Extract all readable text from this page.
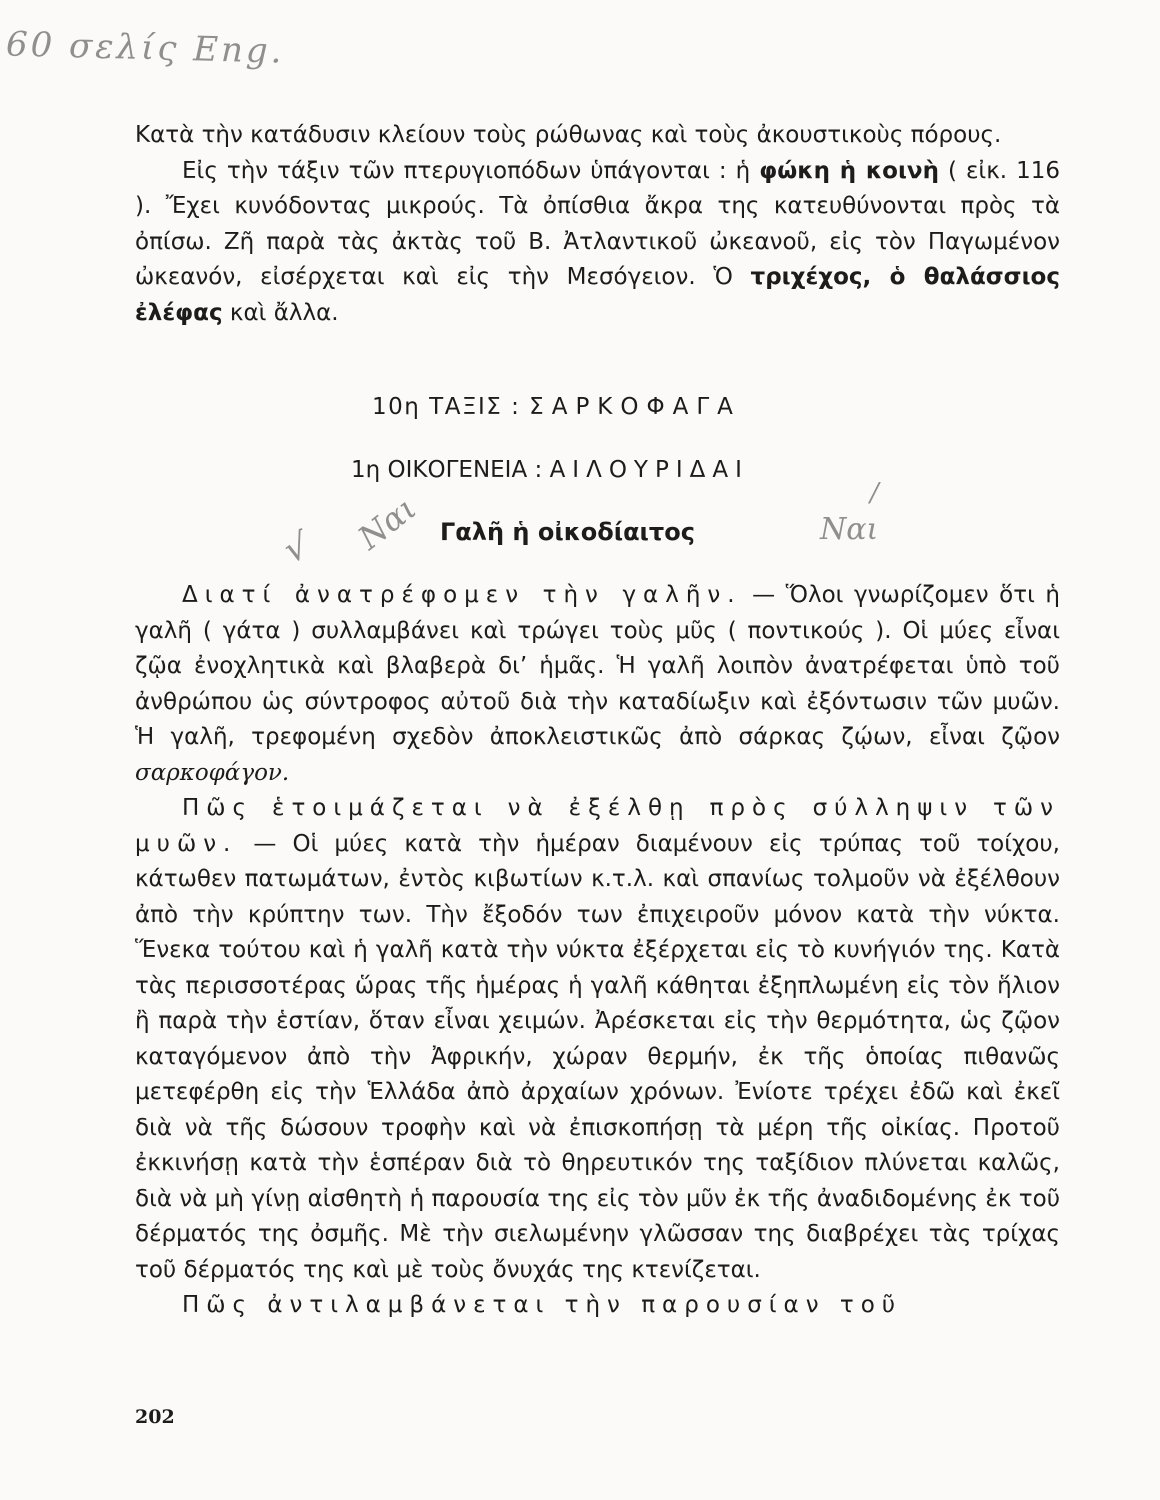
60 σελίς Eng.
√ Ναι	Ναι
/

Κατὰ τὴν κατάδυσιν κλείουν τοὺς ρώθωνας καὶ τοὺς ἀκουστικοὺς πόρους.

Εἰς τὴν τάξιν τῶν πτερυγιοπόδων ὑπάγονται : ἡ φώκη ἡ κοινὴ ( εἰκ. 116 ). Ἔχει κυνόδοντας μικρούς. Τὰ ὀπίσθια ἄκρα της κατευθύνονται πρὸς τὰ ὀπίσω. Ζῆ παρὰ τὰς ἀκτὰς τοῦ Β. Ἀτλαντικοῦ ὠκεανοῦ, εἰς τὸν Παγωμένον ὠκεανόν, εἰσέρχεται καὶ εἰς τὴν Μεσόγειον. Ὁ τριχέχος, ὁ θαλάσσιος ἐλέφας καὶ ἄλλα.

10η ΤΑΞΙΣ : ΣΑΡΚΟΦΑΓΑ
1η ΟΙΚΟΓΕΝΕΙΑ : ΑΙΛΟΥΡΙΔΑΙ
Γαλῆ ἡ οἰκοδίαιτος

Διατί ἀνατρέφομεν τὴν γαλῆν. — Ὅλοι γνωρίζομεν ὅτι ἡ γαλῆ ( γάτα ) συλλαμβάνει καὶ τρώγει τοὺς μῦς ( ποντικούς ). Οἱ μύες εἶναι ζῷα ἐνοχλητικὰ καὶ βλαβερὰ δι’ ἡμᾶς. Ἡ γαλῆ λοιπὸν ἀνατρέφεται ὑπὸ τοῦ ἀνθρώπου ὡς σύντροφος αὐτοῦ διὰ τὴν καταδίωξιν καὶ ἐξόντωσιν τῶν μυῶν. Ἡ γαλῆ, τρεφομένη σχεδὸν ἀποκλειστικῶς ἀπὸ σάρκας ζῴων, εἶναι ζῷον σαρκοφάγον.

Πῶς ἑτοιμάζεται νὰ ἐξέλθῃ πρὸς σύλληψιν τῶν μυῶν. — Οἱ μύες κατὰ τὴν ἡμέραν διαμένουν εἰς τρύπας τοῦ τοίχου, κάτωθεν πατωμάτων, ἐντὸς κιβωτίων κ.τ.λ. καὶ σπανίως τολμοῦν νὰ ἐξέλθουν ἀπὸ τὴν κρύπτην των. Τὴν ἔξοδόν των ἐπιχειροῦν μόνον κατὰ τὴν νύκτα. Ἕνεκα τούτου καὶ ἡ γαλῆ κατὰ τὴν νύκτα ἐξέρχεται εἰς τὸ κυνήγιόν της. Κατὰ τὰς περισσοτέρας ὥρας τῆς ἡμέρας ἡ γαλῆ κάθηται ἐξηπλωμένη εἰς τὸν ἥλιον ἢ παρὰ τὴν ἑστίαν, ὅταν εἶναι χειμών. Ἀρέσκεται εἰς τὴν θερμότητα, ὡς ζῷον καταγόμενον ἀπὸ τὴν Ἀφρικήν, χώραν θερμήν, ἐκ τῆς ὁποίας πιθανῶς μετεφέρθη εἰς τὴν Ἑλλάδα ἀπὸ ἀρχαίων χρόνων. Ἐνίοτε τρέχει ἐδῶ καὶ ἐκεῖ διὰ νὰ τῆς δώσουν τροφὴν καὶ νὰ ἐπισκοπήσῃ τὰ μέρη τῆς οἰκίας. Προτοῦ ἐκκινήσῃ κατὰ τὴν ἑσπέραν διὰ τὸ θηρευτικόν της ταξίδιον πλύνεται καλῶς, διὰ νὰ μὴ γίνῃ αἰσθητὴ ἡ παρουσία της εἰς τὸν μῦν ἐκ τῆς ἀναδιδομένης ἐκ τοῦ δέρματός της ὀσμῆς. Μὲ τὴν σιελωμένην γλῶσσαν της διαβρέχει τὰς τρίχας τοῦ δέρματός της καὶ μὲ τοὺς ὄνυχάς της κτενίζεται.

Πῶς ἀντιλαμβάνεται τὴν παρουσίαν τοῦ

202
